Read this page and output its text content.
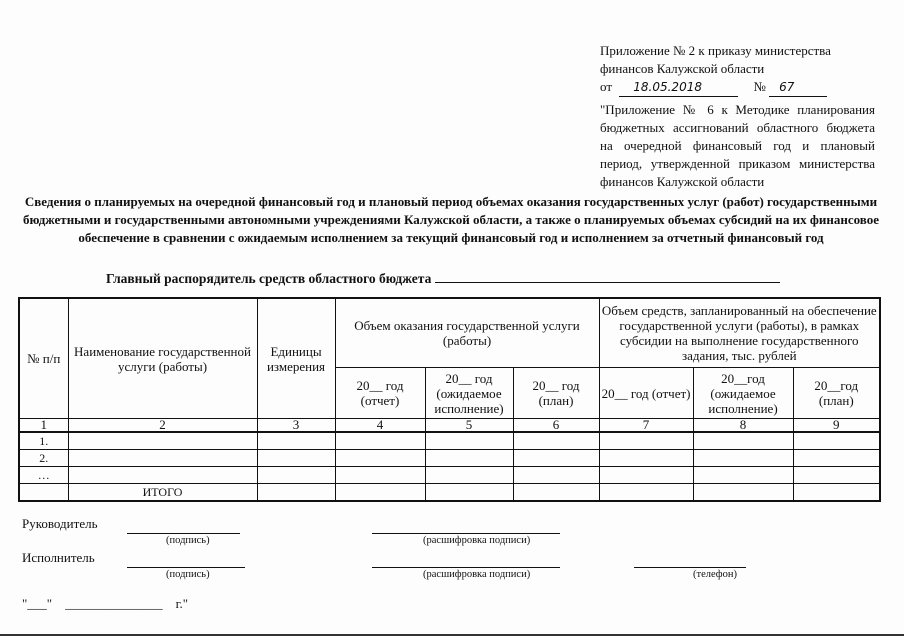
Приложение № 2 к приказу министерства
финансов Калужской области
от 18.05.2018	№ 67
"Приложение № 6 к Методике планирования бюджетных ассигнований областного бюджета на очередной финансовый год и плановый период, утвержденной приказом министерства финансов Калужской области
Сведения о планируемых на очередной финансовый год и плановый период объемах оказания государственных услуг (работ) государственными бюджетными и государственными автономными учреждениями Калужской области, а также о планируемых объемах субсидий на их финансовое обеспечение в сравнении с ожидаемым исполнением за текущий финансовый год и исполнением за отчетный финансовый год
Главный распорядитель средств областного бюджета
№ п/п	Наименование государственной услуги (работы)	Единицы измерения	Объем оказания государственной услуги (работы)			Объем средств, запланированный на обеспечение государственной услуги (работы), в рамках субсидии на выполнение государственного задания, тыс. рублей		
			20__ год (отчет)	20__ год (ожидаемое исполнение)	20__ год (план)	20__ год (отчет)	20__год (ожидаемое исполнение)	20__год (план)
1	2	3	4	5	6	7	8	9
1.								
2.								
…								
	ИТОГО							
Руководитель
(подпись)	(расшифровка подписи)
Исполнитель
(подпись)	(расшифровка подписи)	(телефон)
"___"    _______________    г."
